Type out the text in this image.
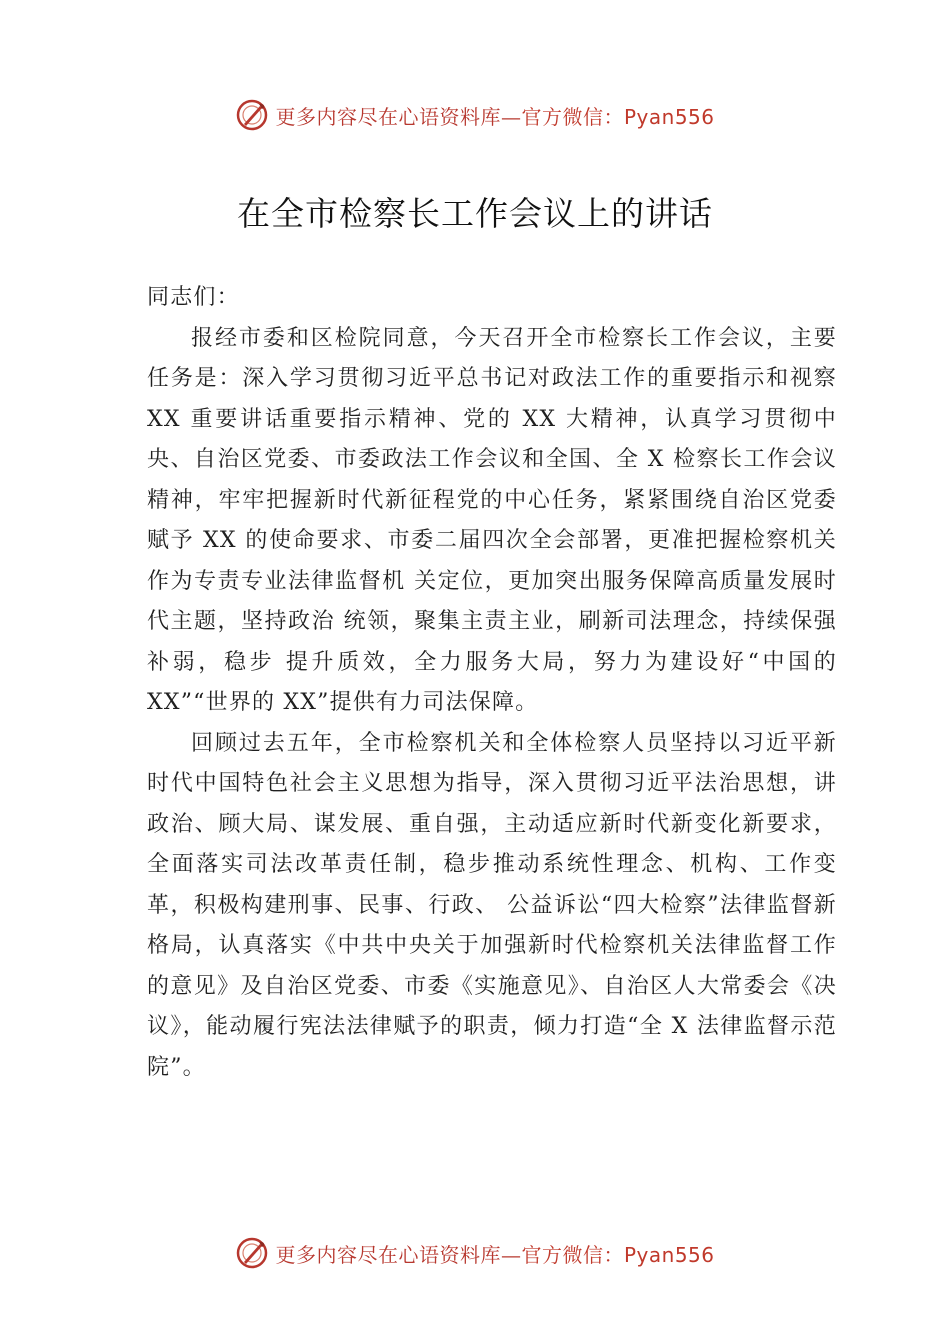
更多内容尽在心语资料库—官方微信：Pyan556
在全市检察长工作会议上的讲话

同志们：

报经市委和区检院同意，今天召开全市检察长工作会议，主要任务是：深入学习贯彻习近平总书记对政法工作的重要指示和视察 XX 重要讲话重要指示精神、党的 XX 大精神，认真学习贯彻中央、自治区党委、市委政法工作会议和全国、全 X 检察长工作会议精神，牢牢把握新时代新征程党的中心任务，紧紧围绕自治区党委赋予 XX 的使命要求、市委二届四次全会部署，更准把握检察机关作为专责专业法律监督机 关定位，更加突出服务保障高质量发展时代主题，坚持政治 统领，聚集主责主业，刷新司法理念，持续保强补弱，稳步 提升质效，全力服务大局，努力为建设好“中国的 XX”“世界的 XX”提供有力司法保障。

回顾过去五年，全市检察机关和全体检察人员坚持以习近平新时代中国特色社会主义思想为指导，深入贯彻习近平法治思想，讲政治、顾大局、谋发展、重自强，主动适应新时代新变化新要求，全面落实司法改革责任制，稳步推动系统性理念、机构、工作变革，积极构建刑事、民事、行政、 公益诉讼“四大检察”法律监督新格局，认真落实《中共中央关于加强新时代检察机关法律监督工作的意见》及自治区党委、市委《实施意见》、自治区人大常委会《决议》，能动履行宪法法律赋予的职责，倾力打造“全 X 法律监督示范院”。

更多内容尽在心语资料库—官方微信：Pyan556
